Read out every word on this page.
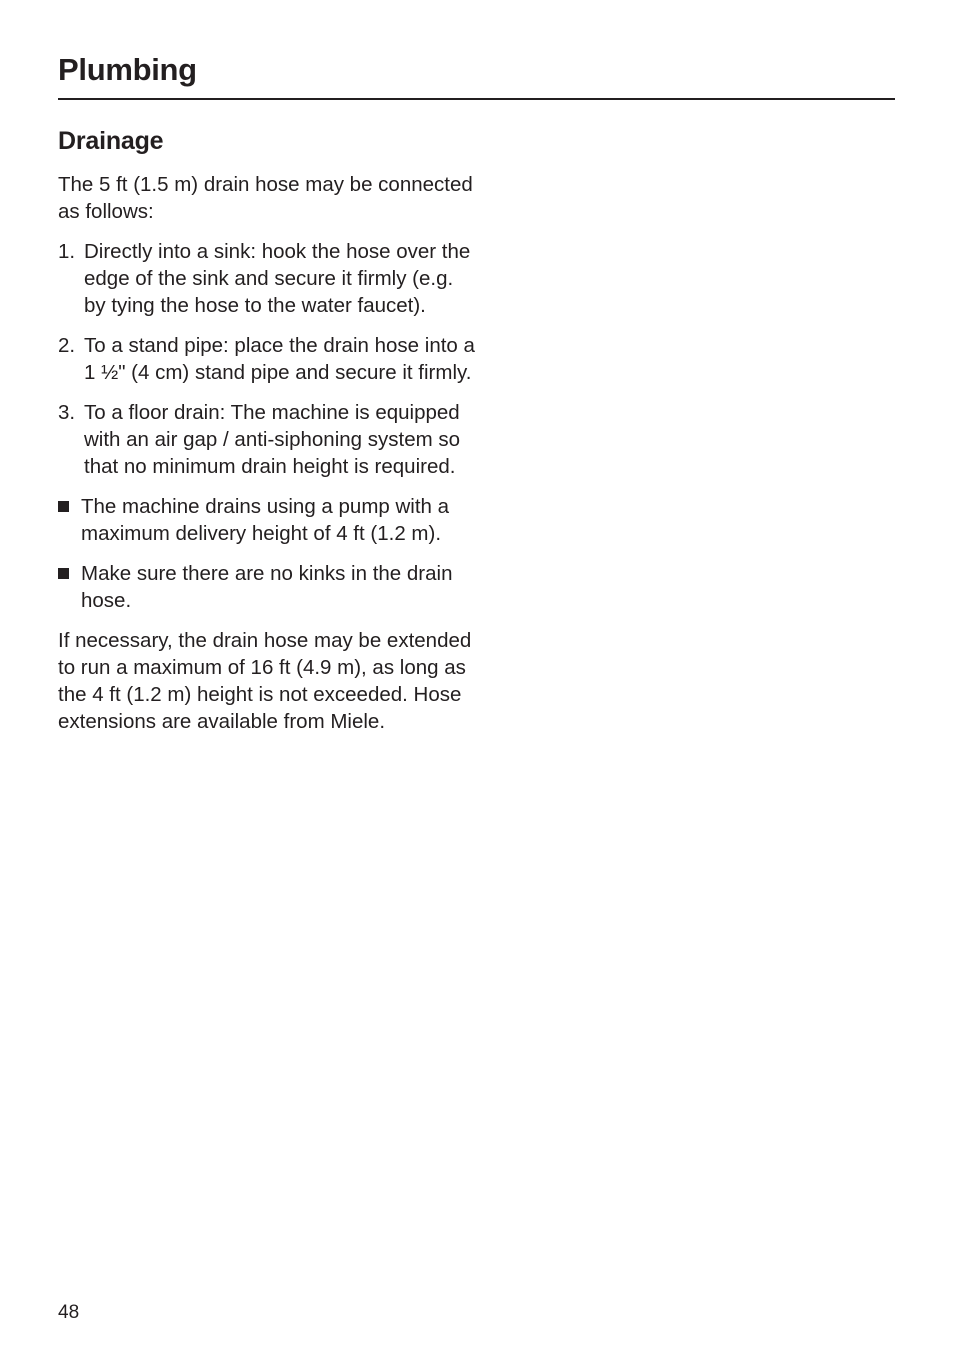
Plumbing
Drainage

The 5 ft (1.5 m) drain hose may be connected as follows:

1. Directly into a sink: hook the hose over the edge of the sink and secure it firmly (e.g. by tying the hose to the water faucet).
2. To a stand pipe: place the drain hose into a 1 ½" (4 cm) stand pipe and secure it firmly.
3. To a floor drain: The machine is equipped with an air gap / anti-siphoning system so that no minimum drain height is required.
The machine drains using a pump with a maximum delivery height of 4 ft (1.2 m).
Make sure there are no kinks in the drain hose.

If necessary, the drain hose may be extended to run a maximum of 16 ft (4.9 m), as long as the 4 ft (1.2 m) height is not exceeded. Hose extensions are available from Miele.

48
